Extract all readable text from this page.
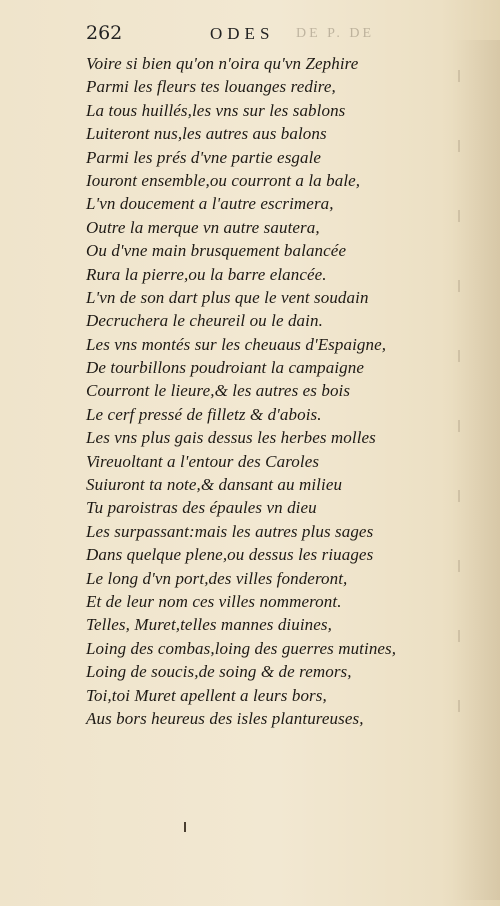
262	ODES DE P. DE
Voire si bien qu'on n'oira qu'vn Zephire
Parmi les fleurs tes louanges redire,
La tous huillés,les vns sur les sablons
Luiteront nus,les autres aus balons
Parmi les prés d'vne partie esgale
Iouront ensemble,ou courront a la bale,
L'vn doucement a l'autre escrimera,
Outre la merque vn autre sautera,
Ou d'vne main brusquement balancée
Rura la pierre,ou la barre elancée.
L'vn de son dart plus que le vent soudain
Decruchera le cheureil ou le dain.
Les vns montés sur les cheuaus d'Espaigne,
De tourbillons poudroiant la campaigne
Courront le lieure,& les autres es bois
Le cerf pressé de filletz & d'abois.
Les vns plus gais dessus les herbes molles
Vireuoltant a l'entour des Caroles
Suiuront ta note,& dansant au milieu
Tu paroistras des épaules vn dieu
Les surpassant:mais les autres plus sages
Dans quelque plene,ou dessus les riuages
Le long d'vn port,des villes fonderont,
Et de leur nom ces villes nommeront.
Telles, Muret,telles mannes diuines,
Loing des combas,loing des guerres mutines,
Loing de soucis,de soing & de remors,
Toi,toi Muret apellent a leurs bors,
Aus bors heureus des isles plantureuses,
